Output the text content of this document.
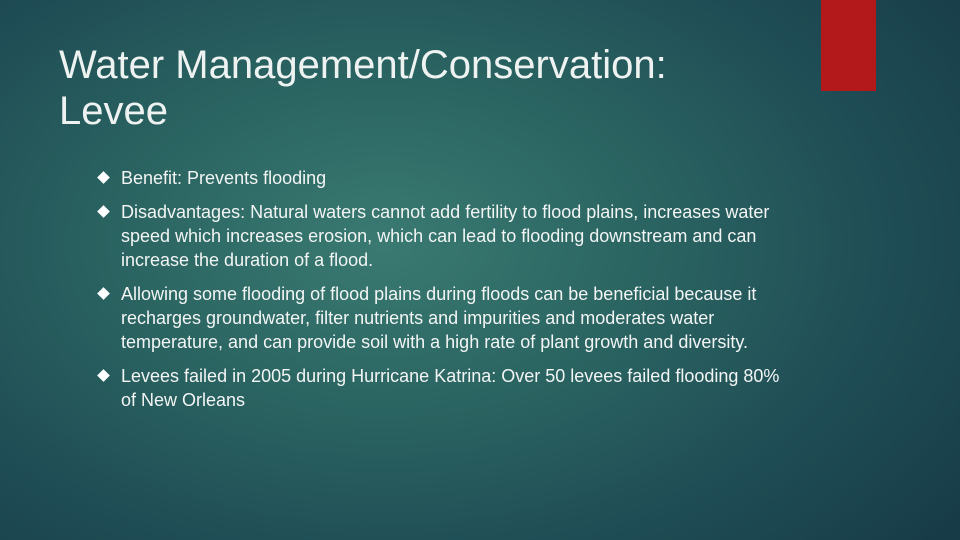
Water Management/Conservation:
Levee
Benefit: Prevents flooding
Disadvantages: Natural waters cannot add fertility to flood plains, increases water speed which increases erosion, which can lead to flooding downstream and can increase the duration of a flood.
Allowing some flooding of flood plains during floods can be beneficial because it recharges groundwater, filter nutrients and impurities and moderates water temperature, and can provide soil with a high rate of plant growth and diversity.
Levees failed in 2005 during Hurricane Katrina: Over 50 levees failed flooding 80% of New Orleans
